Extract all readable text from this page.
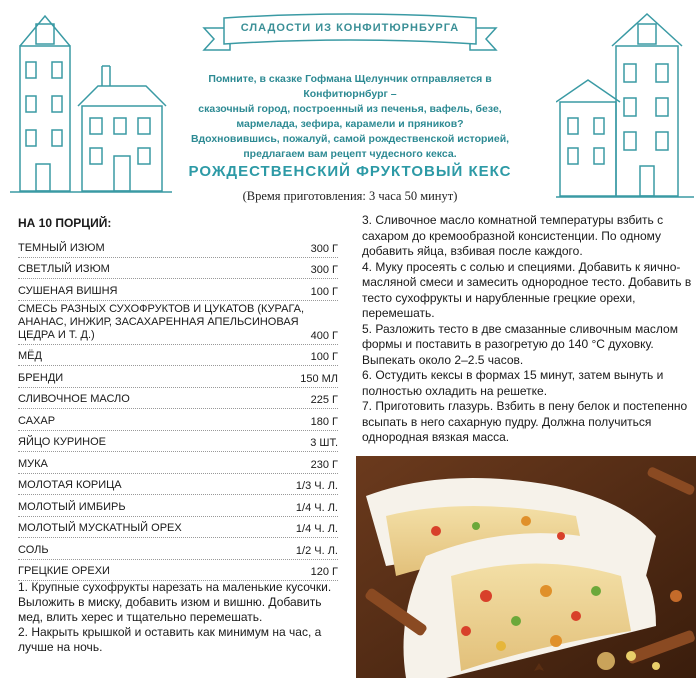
СЛАДОСТИ ИЗ КОНФИТЮРНБУРГА
Помните, в сказке Гофмана Щелунчик отправляется в Конфитюрнбург –
сказочный город, построенный из печенья, вафель, безе,
мармелада, зефира, карамели и пряников?
Вдохновившись, пожалуй, самой рождественской историей,
предлагаем вам рецепт чудесного кекса.
РОЖДЕСТВЕНСКИЙ ФРУКТОВЫЙ КЕКС
(Время приготовления: 3 часа 50 минут)
НА 10 ПОРЦИЙ:
ТЕМНЫЙ ИЗЮМ	300 Г
СВЕТЛЫЙ ИЗЮМ	300 Г
СУШЕНАЯ ВИШНЯ	100 Г
СМЕСЬ РАЗНЫХ СУХОФРУКТОВ И ЦУКАТОВ (КУРАГА, АНАНАС, ИНЖИР, ЗАСАХАРЕННАЯ АПЕЛЬСИНОВАЯ ЦЕДРА И Т. Д.)	400 Г
МЁД	100 Г
БРЕНДИ	150 МЛ
СЛИВОЧНОЕ МАСЛО	225 Г
САХАР	180 Г
ЯЙЦО КУРИНОЕ	3 ШТ.
МУКА	230 Г
МОЛОТАЯ КОРИЦА	1/3 Ч. Л.
МОЛОТЫЙ ИМБИРЬ	1/4 Ч. Л.
МОЛОТЫЙ МУСКАТНЫЙ ОРЕХ	1/4 Ч. Л.
СОЛЬ	1/2 Ч. Л.
ГРЕЦКИЕ ОРЕХИ	120 Г

1. Крупные сухофрукты нарезать на маленькие кусочки. Выложить в миску, добавить изюм и вишню. Добавить мед, влить херес и тщательно перемешать.

2. Накрыть крышкой и оставить как минимум на час, а лучше на ночь.

3. Сливочное масло комнатной температуры взбить с сахаром до кремообразной консистенции. По одному добавить яйца, взбивая после каждого.

4. Муку просеять с солью и специями. Добавить к яично-масляной смеси и замесить однородное тесто. Добавить в тесто сухофрукты и нарубленные грецкие орехи, перемешать.

5. Разложить тесто в две смазанные сливочным маслом формы и поставить в разогретую до 140 °С духовку. Выпекать около 2–2.5 часов.

6. Остудить кексы в формах 15 минут, затем вынуть и полностью охладить на решетке.

7. Приготовить глазурь. Взбить в пену белок и постепенно всыпать в него сахарную пудру. Должна получиться однородная вязкая масса.
